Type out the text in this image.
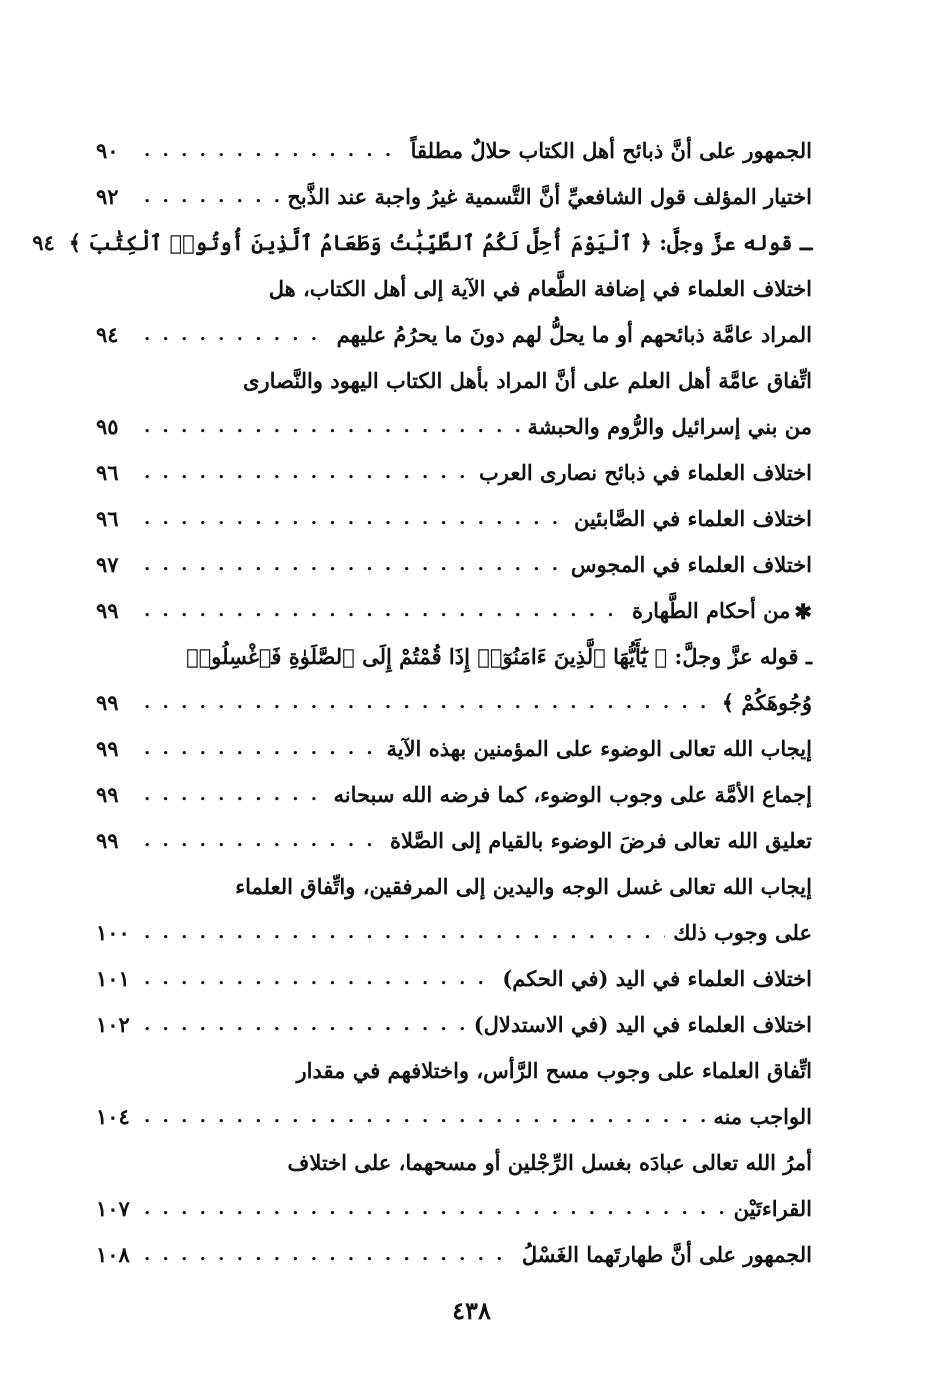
الجمهور على أنَّ ذبائح أهل الكتاب حلالٌ مطلقاً
. . .
٩٠
اختيار المؤلف قول الشافعيِّ أنَّ التَّسمية غيرُ واجبة عند الذَّبح
. . .
٩٢
ـ قوله عزَّ وجلَّ: ﴿ ٱلْيَوْمَ أُحِلَّ لَكُمُ ٱلطَّيِّبَٰتُ وَطَعَامُ ٱلَّذِينَ أُوتُوا۟ ٱلْكِتَٰبَ ﴾
٩٤
اختلاف العلماء في إضافة الطَّعام في الآية إلى أهل الكتاب، هل
المراد عامَّة ذبائحهم أو ما يحلُّ لهم دونَ ما يحرُمُ عليهم
. . .
٩٤
اتِّفاق عامَّة أهل العلم على أنَّ المراد بأهل الكتاب اليهود والنَّصارى
من بني إسرائيل والرُّوم والحبشة
. . .
٩٥
اختلاف العلماء في ذبائح نصارى العرب
. . .
٩٦
اختلاف العلماء في الصَّابئين
. . .
٩٦
اختلاف العلماء في المجوس
. . .
٩٧
✱
من أحكام الطَّهارة
. . .
٩٩
ـ قوله عزَّ وجلَّ: ﴿ يَٰٓأَيُّهَا ٱلَّذِينَ ءَامَنُوٓا۟ إِذَا قُمْتُمْ إِلَى ٱلصَّلَوٰةِ فَٱغْسِلُوا۟
وُجُوهَكُمْ ﴾
. . .
٩٩
إيجاب الله تعالى الوضوء على المؤمنين بهذه الآية
. . .
٩٩
إجماع الأمَّة على وجوب الوضوء، كما فرضه الله سبحانه
. . .
٩٩
تعليق الله تعالى فرضَ الوضوء بالقيام إلى الصَّلاة
. . .
٩٩
إيجاب الله تعالى غسل الوجه واليدين إلى المرفقين، واتِّفاق العلماء
على وجوب ذلك
. . .
١٠٠
اختلاف العلماء في اليد (في الحكم)
. . .
١٠١
اختلاف العلماء في اليد (في الاستدلال)
. . .
١٠٢
اتِّفاق العلماء على وجوب مسح الرَّأس، واختلافهم في مقدار
الواجب منه
. . .
١٠٤
أمرُ الله تعالى عبادَه بغسل الرِّجْلين أو مسحهما، على اختلاف
القراءتَيْن
. . .
١٠٧
الجمهور على أنَّ طهارتَهما الغَسْلُ
. . .
١٠٨
٤٣٨
